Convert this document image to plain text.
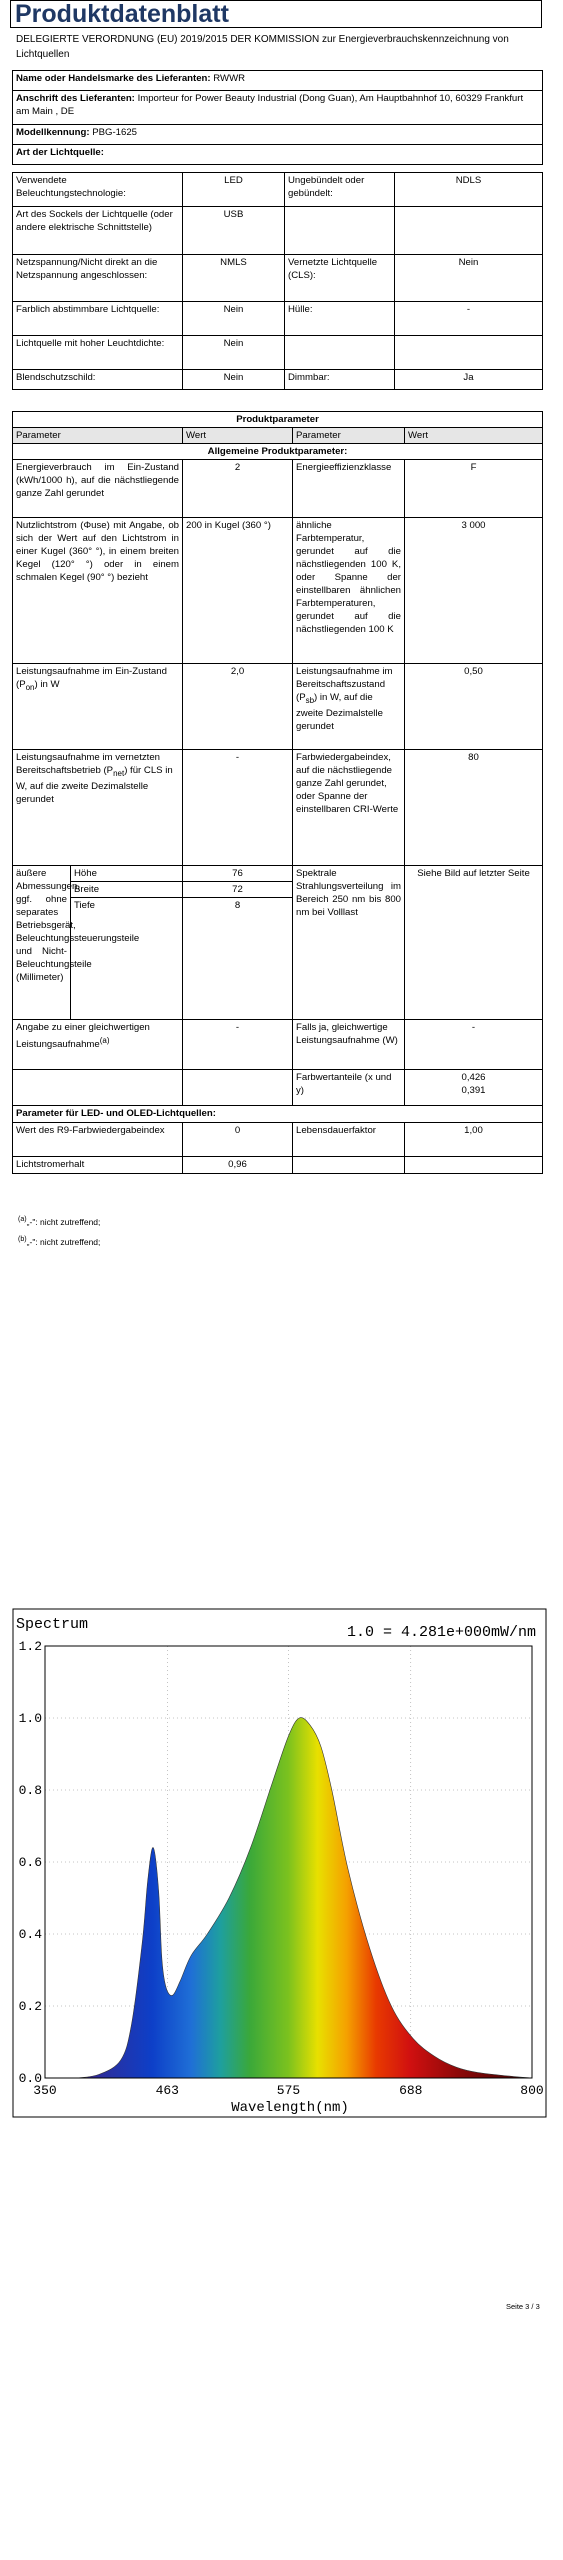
Produktdatenblatt
DELEGIERTE VERORDNUNG (EU) 2019/2015 DER KOMMISSION zur Energieverbrauchskennzeichnung von Lichtquellen
Name oder Handelsmarke des Lieferanten: RWWR
Anschrift des Lieferanten: Importeur for Power Beauty Industrial (Dong Guan), Am Hauptbahnhof 10, 60329 Frankfurt am Main , DE
Modellkennung: PBG-1625
Art der Lichtquelle:
Verwendete Beleuchtungstechnologie:	LED	Ungebündelt oder gebündelt:	NDLS
Art des Sockels der Lichtquelle (oder andere elektrische Schnittstelle)	USB		
Netzspannung/Nicht direkt an die Netzspannung angeschlossen:	NMLS	Vernetzte Lichtquelle (CLS):	Nein
Farblich abstimmbare Lichtquelle:	Nein	Hülle:	-
Lichtquelle mit hoher Leuchtdichte:	Nein		
Blendschutzschild:	Nein	Dimmbar:	Ja
Produktparameter				
Parameter		Wert	Parameter	Wert
Allgemeine Produktparameter:				
Energieverbrauch im Ein-Zustand (kWh/1000 h), auf die nächstliegende ganze Zahl gerundet		2	Energieeffizienzklasse	F
Nutzlichtstrom (Φuse) mit Angabe, ob sich der Wert auf den Lichtstrom in einer Kugel (360° °), in einem breiten Kegel (120° °) oder in einem schmalen Kegel (90° °) bezieht		200 in Kugel (360 °)	ähnliche Farbtemperatur, gerundet auf die nächstliegenden 100 K, oder Spanne der einstellbaren ähnlichen Farbtemperaturen, gerundet auf die nächstliegenden 100 K	3 000
Leistungsaufnahme im Ein-Zustand $(P_{on})$ in W		2,0	Leistungsaufnahme im Bereitschaftszustand $(P_{sb})$ in W, auf die zweite Dezimalstelle gerundet	0,50
Leistungsaufnahme im vernetzten Bereitschaftsbetrieb $(P_{net})$ für CLS in W, auf die zweite Dezimalstelle gerundet		-	Farbwiedergabeindex, auf die nächstliegende ganze Zahl gerundet, oder Spanne der einstellbaren CRI-Werte	80
äußere Abmessungen, ggf. ohne separates Betriebsgerät, Beleuchtungssteuerungsteile und Nicht-Beleuchtungsteile (Millimeter)	Höhe	76	Spektrale Strahlungsverteilung im Bereich 250 nm bis 800 nm bei Volllast	Siehe Bild auf letzter Seite
	Breite	72		
	Tiefe	8		
Angabe zu einer gleichwertigen Leistungsaufnahme$^{(a)}$		-	Falls ja, gleichwertige Leistungsaufnahme (W)	-
			Farbwertanteile (x und y)	0,426
0,391

Parameter für LED- und OLED-Lichtquellen:				
Wert des R9-Farbwiedergabeindex		0	Lebensdauerfaktor	1,00
Lichtstromerhalt		0,96		
$^{(a)}$„-": nicht zutreffend;
$^{(b)}$„-": nicht zutreffend;
Spectrum	1.0 = 4.281e+000mW/nm
0.0
0.2
0.4
0.6
0.8
1.0
1.2
350	463	575	688	800
Wavelength(nm)
Seite 3 / 3
